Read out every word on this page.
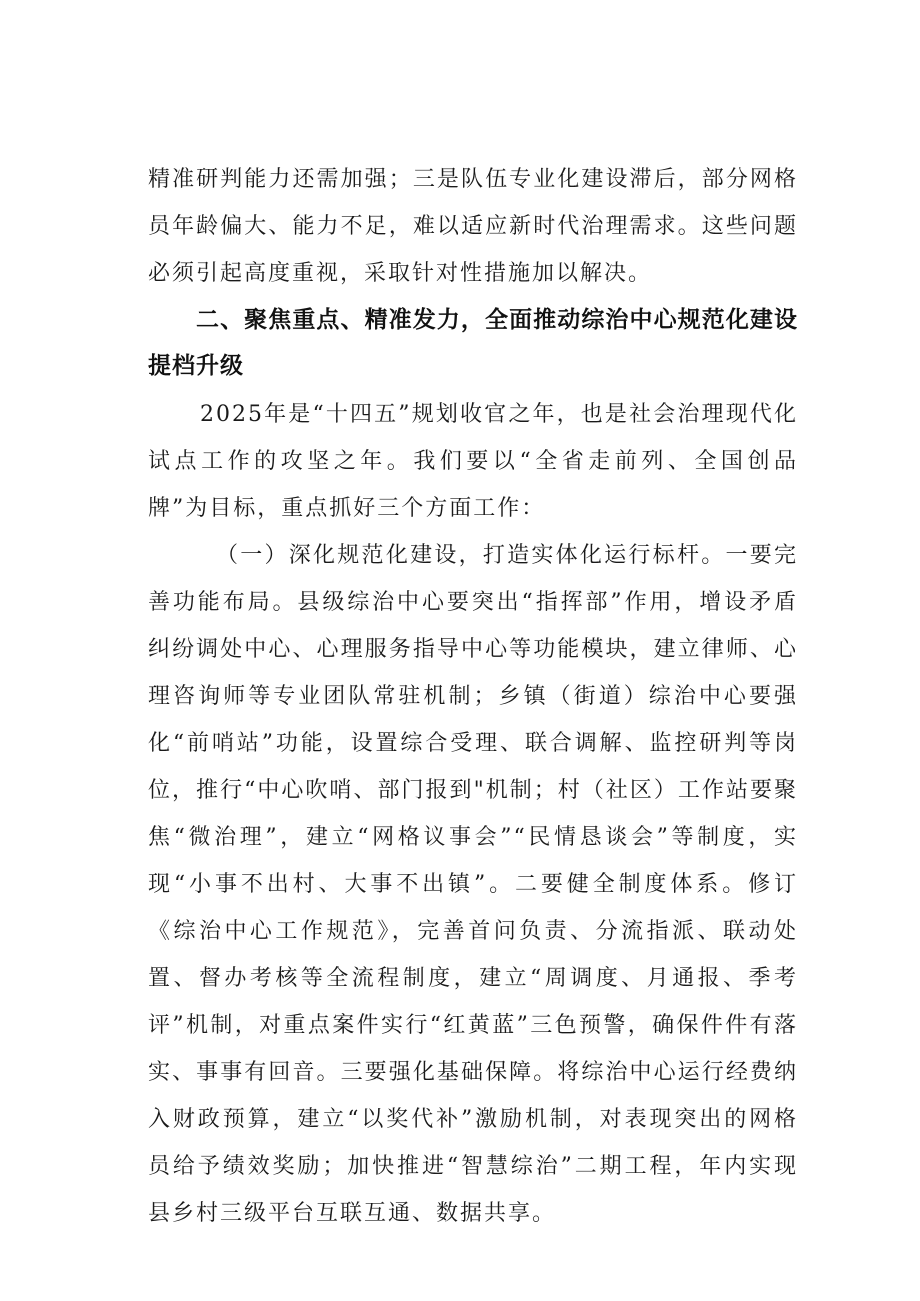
精准研判能力还需加强；三是队伍专业化建设滞后，部分网格员年龄偏大、能力不足，难以适应新时代治理需求。这些问题必须引起高度重视，采取针对性措施加以解决。

二、聚焦重点、精准发力，全面推动综治中心规范化建设提档升级

2025年是“十四五”规划收官之年，也是社会治理现代化试点工作的攻坚之年。我们要以“全省走前列、全国创品牌”为目标，重点抓好三个方面工作：

（一）深化规范化建设，打造实体化运行标杆。一要完善功能布局。县级综治中心要突出“指挥部”作用，增设矛盾纠纷调处中心、心理服务指导中心等功能模块，建立律师、心理咨询师等专业团队常驻机制；乡镇（街道）综治中心要强化“前哨站”功能，设置综合受理、联合调解、监控研判等岗位，推行“中心吹哨、部门报到"机制；村（社区）工作站要聚焦“微治理”，建立“网格议事会”“民情恳谈会”等制度，实现“小事不出村、大事不出镇”。二要健全制度体系。修订《综治中心工作规范》，完善首问负责、分流指派、联动处置、督办考核等全流程制度，建立“周调度、月通报、季考评”机制，对重点案件实行“红黄蓝”三色预警，确保件件有落实、事事有回音。三要强化基础保障。将综治中心运行经费纳入财政预算，建立“以奖代补”激励机制，对表现突出的网格员给予绩效奖励；加快推进“智慧综治”二期工程，年内实现县乡村三级平台互联互通、数据共享。
